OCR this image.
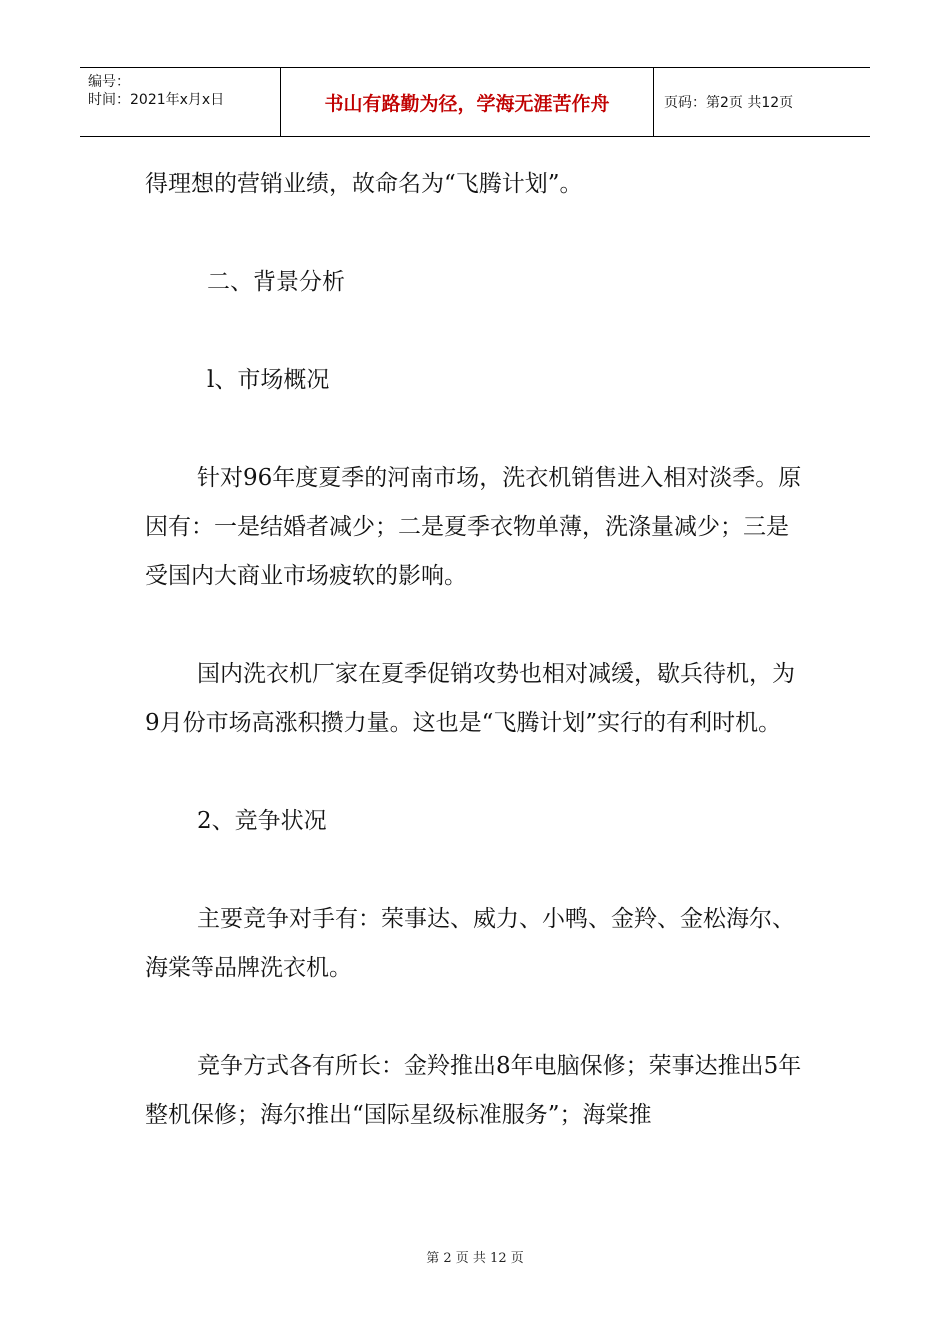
编号：
时间：2021年x月x日	书山有路勤为径，学海无涯苦作舟	页码：第2页 共12页

得理想的营销业绩，故命名为“飞腾计划”。

二、背景分析

l、市场概况

针对96年度夏季的河南市场，洗衣机销售进入相对淡季。原因有：一是结婚者减少；二是夏季衣物单薄，洗涤量减少；三是受国内大商业市场疲软的影响。

国内洗衣机厂家在夏季促销攻势也相对减缓，歇兵待机，为9月份市场高涨积攒力量。这也是“飞腾计划”实行的有利时机。

2、竞争状况

主要竞争对手有：荣事达、威力、小鸭、金羚、金松海尔、海棠等品牌洗衣机。

竞争方式各有所长：金羚推出8年电脑保修；荣事达推出5年整机保修；海尔推出“国际星级标准服务”；海棠推

第 2 页 共 12 页
